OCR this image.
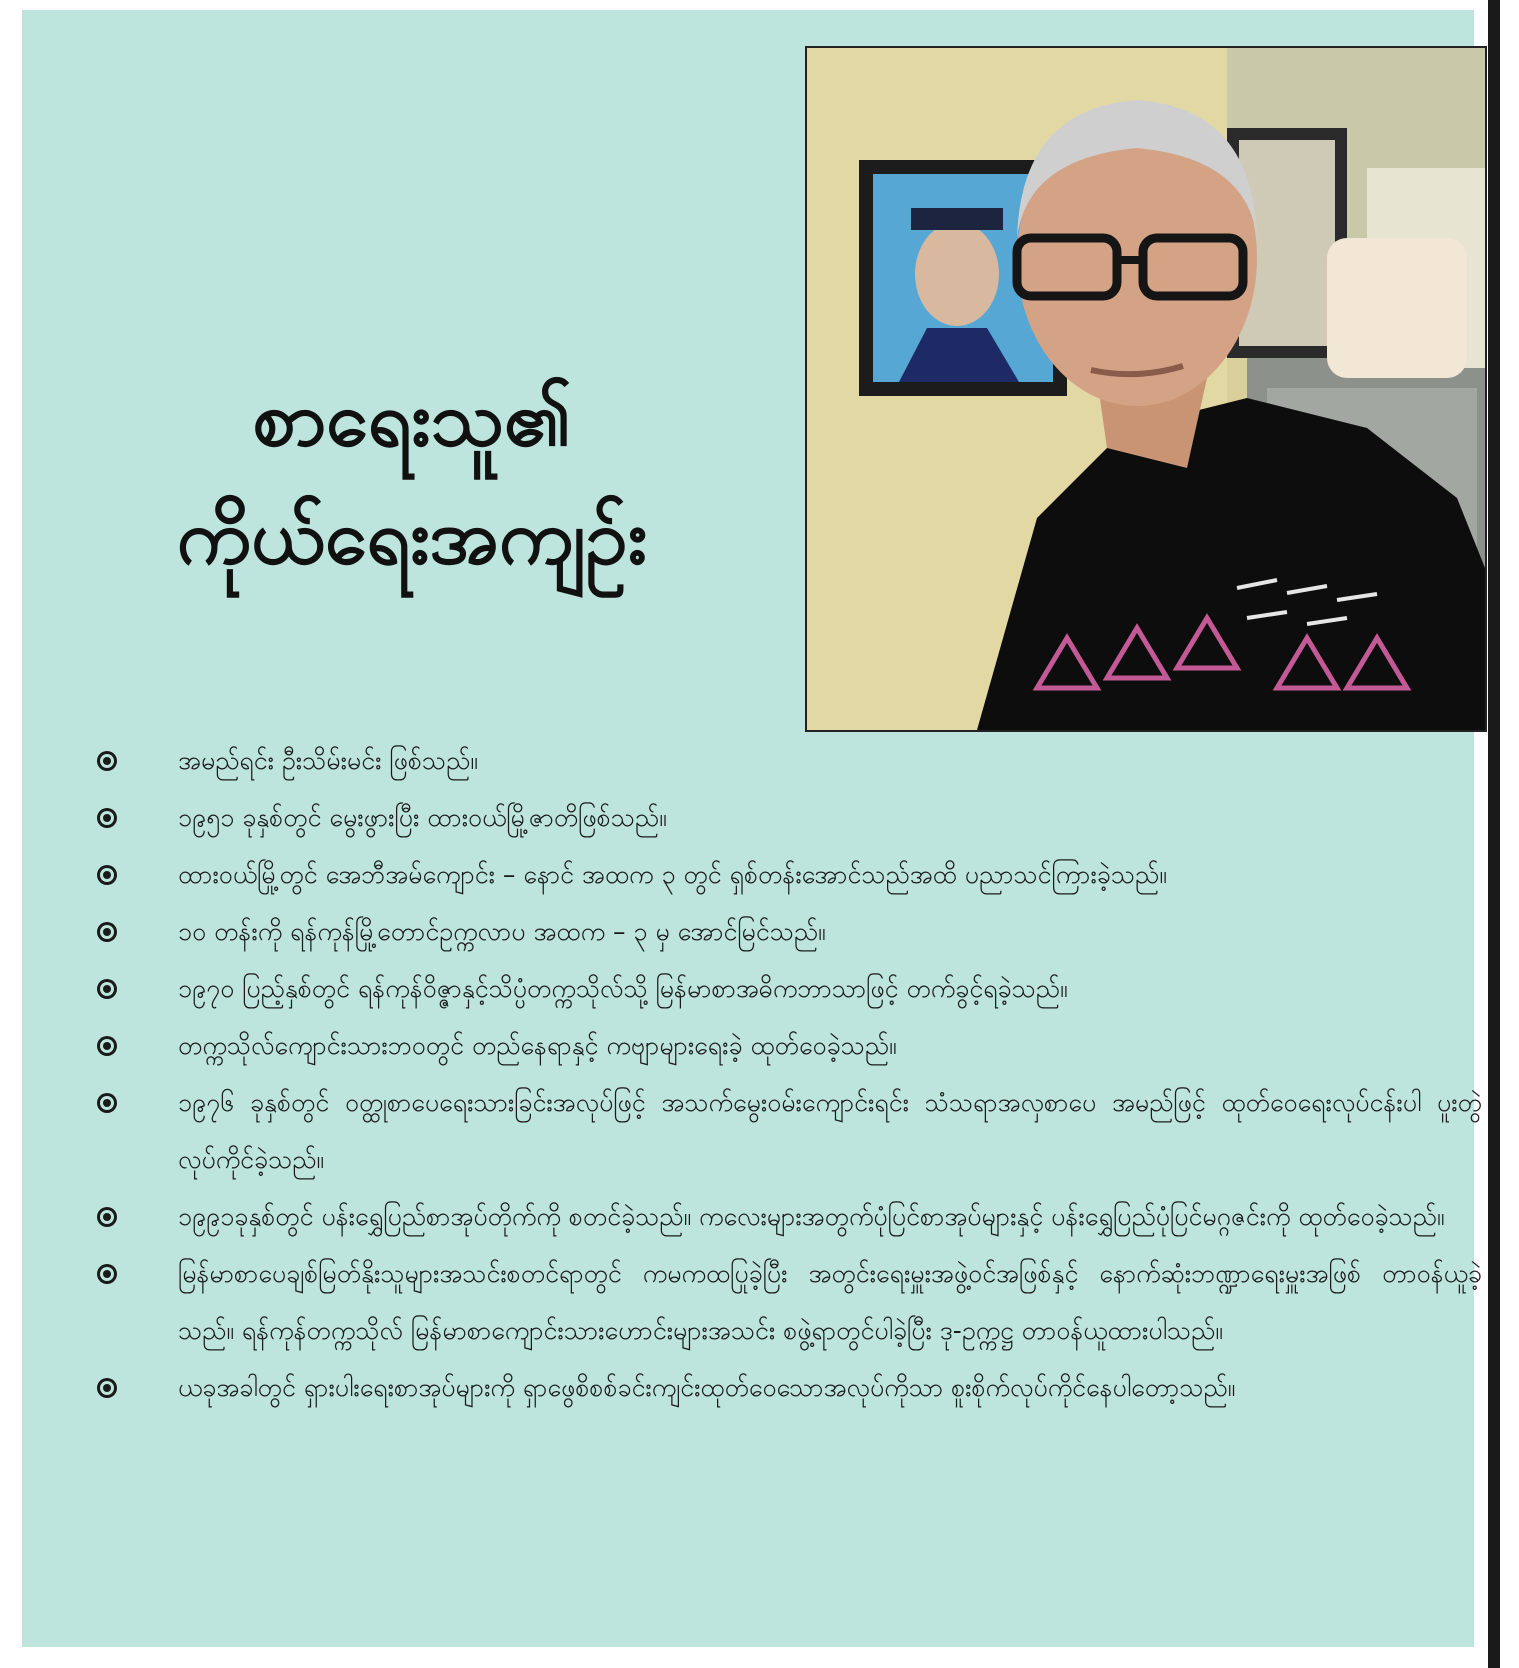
စာရေးသူ၏
ကိုယ်ရေးအကျဉ်း
အမည်ရင်း ဦးသိမ်းမင်း ဖြစ်သည်။
၁၉၅၁ ခုနှစ်တွင် မွေးဖွားပြီး ထားဝယ်မြို့ဇာတိဖြစ်သည်။
ထားဝယ်မြို့တွင် အေဘီအမ်ကျောင်း – နောင် အထက ၃ တွင် ရှစ်တန်းအောင်သည်အထိ ပညာသင်ကြားခဲ့သည်။
၁၀ တန်းကို ရန်ကုန်မြို့တောင်ဥက္ကလာပ အထက – ၃ မှ အောင်မြင်သည်။
၁၉၇၀ ပြည့်နှစ်တွင် ရန်ကုန်ဝိဇ္ဇာနှင့်သိပ္ပံတက္ကသိုလ်သို့ မြန်မာစာအဓိကဘာသာဖြင့် တက်ခွင့်ရခဲ့သည်။
တက္ကသိုလ်ကျောင်းသားဘဝတွင် တည်နေရာနှင့် ကဗျာများရေးခဲ့ ထုတ်ဝေခဲ့သည်။
၁၉၇၆ ခုနှစ်တွင် ဝတ္ထုစာပေရေးသားခြင်းအလုပ်ဖြင့် အသက်မွေးဝမ်းကျောင်းရင်း သံသရာအလှစာပေ အမည်ဖြင့် ထုတ်ဝေရေးလုပ်ငန်းပါ ပူးတွဲလုပ်ကိုင်ခဲ့သည်။
၁၉၉၁ခုနှစ်တွင် ပန်းရွှေပြည်စာအုပ်တိုက်ကို စတင်ခဲ့သည်။ ကလေးများအတွက်ပုံပြင်စာအုပ်များနှင့် ပန်းရွှေပြည်ပုံပြင်မဂ္ဂဇင်းကို ထုတ်ဝေခဲ့သည်။
မြန်မာစာပေချစ်မြတ်နိုးသူများအသင်းစတင်ရာတွင် ကမကထပြုခဲ့ပြီး အတွင်းရေးမှူးအဖွဲ့ဝင်အဖြစ်နှင့် နောက်ဆုံးဘဏ္ဍာရေးမှူးအဖြစ် တာဝန်ယူခဲ့သည်။ ရန်ကုန်တက္ကသိုလ် မြန်မာစာကျောင်းသားဟောင်းများအသင်း စဖွဲ့ရာတွင်ပါခဲ့ပြီး ဒု-ဥက္ကဋ္ဌ တာဝန်ယူထားပါသည်။
ယခုအခါတွင် ရှားပါးရေးစာအုပ်များကို ရှာဖွေစိစစ်ခင်းကျင်းထုတ်ဝေသောအလုပ်ကိုသာ စူးစိုက်လုပ်ကိုင်နေပါတော့သည်။
